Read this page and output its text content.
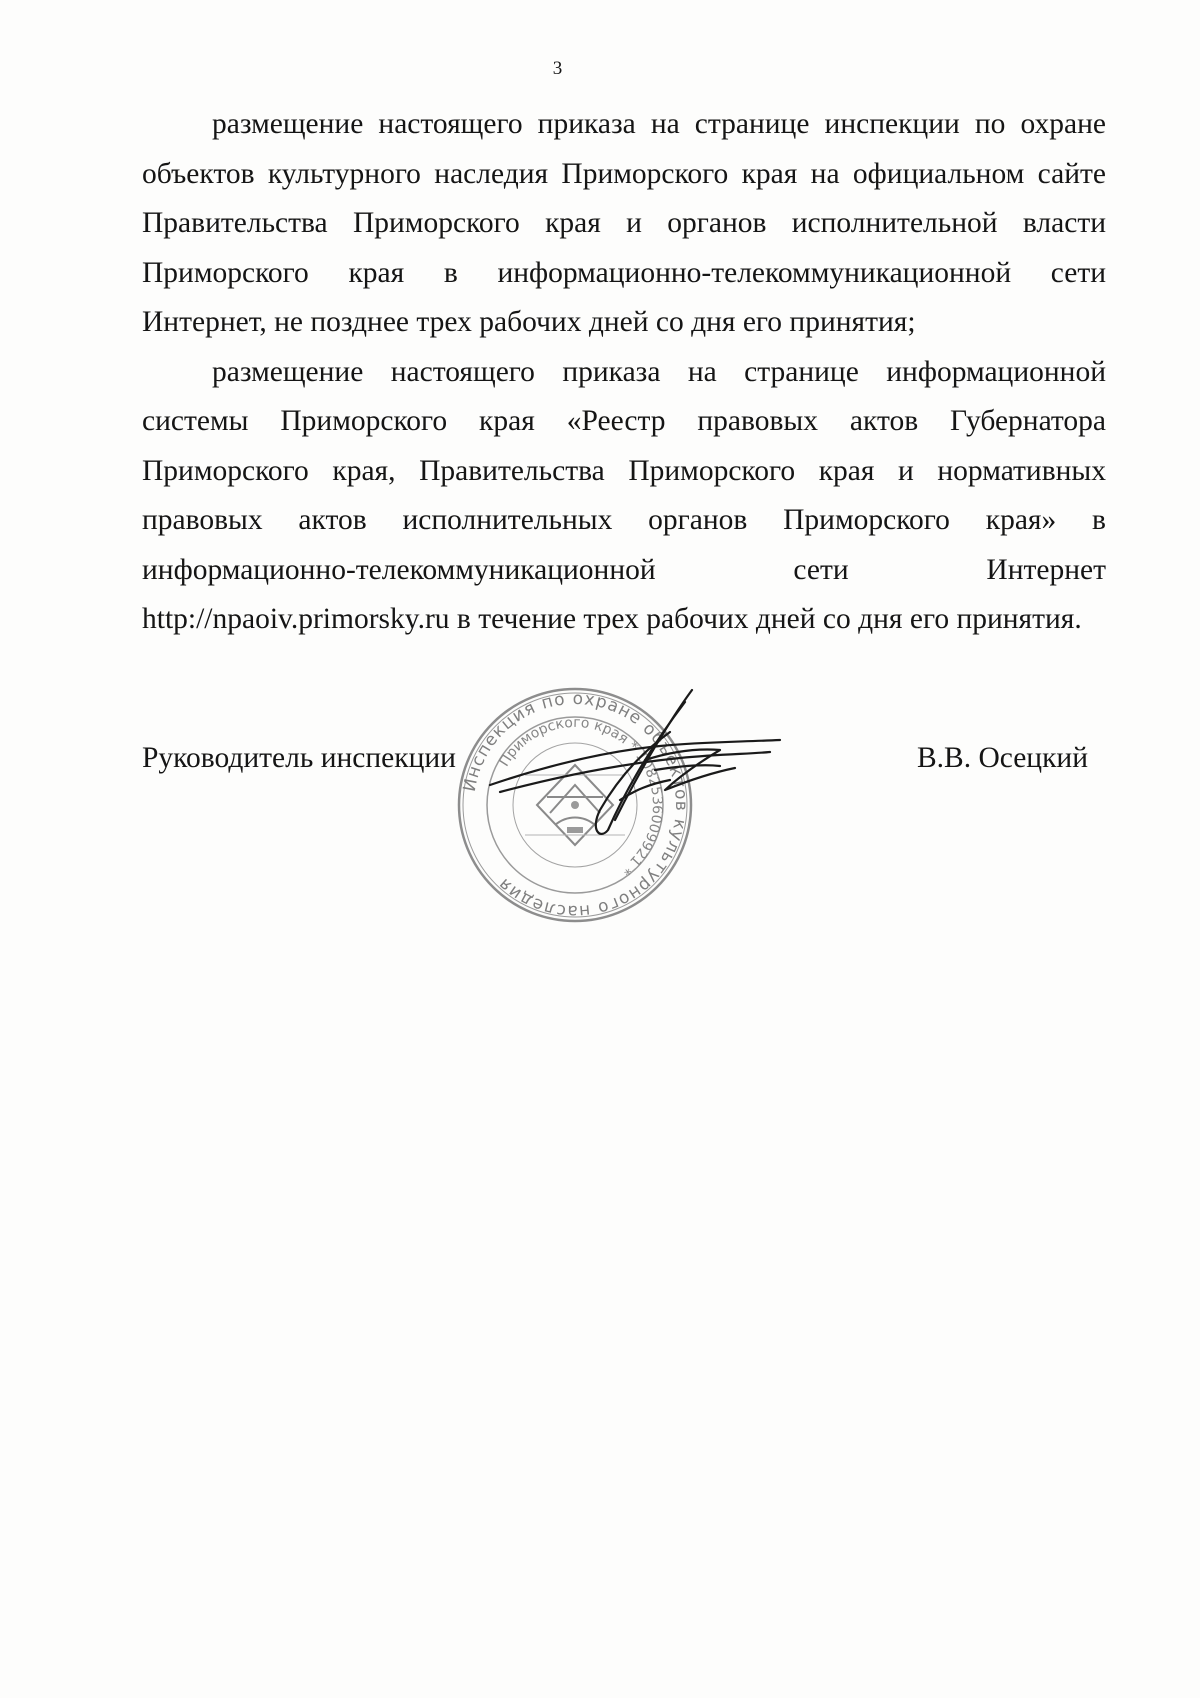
3

размещение настоящего приказа на странице инспекции по охране объектов культурного наследия Приморского края на официальном сайте Правительства Приморского края и органов исполнительной власти Приморского края в информационно-телекоммуникационной сети Интернет, не позднее трех рабочих дней со дня его принятия;

размещение настоящего приказа на странице информационной системы Приморского края «Реестр правовых актов Губернатора Приморского края, Правительства Приморского края и нормативных правовых актов исполнительных органов Приморского края» в информационно-телекоммуникационной сети Интернет http://npaoiv.primorsky.ru в течение трех рабочих дней со дня его принятия.

Инспекция по охране объектов культурного наследия
Приморского края * 1082536009921 *
Руководитель инспекции	В.В. Осецкий
